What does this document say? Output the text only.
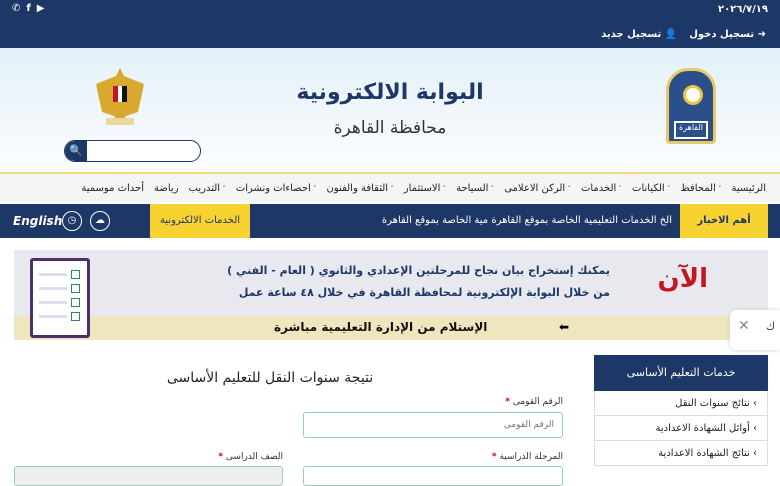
٢٠٢٦/٧/١٩
✆ f ▶
➜ تسجيل دخول
👤 تسجيل جديد
القاهرة
البوابة الالكترونية
محافظة القاهرة
🔍
الرئيسية
المحافظ ˅
الكيانات ˅
الخدمات ˅
الركن الاعلامى ˅
السياحة ˅
الاستثمار ˅
الثقافة والفنون ˅
احصاءات ونشرات ˅
التدريب ˅
رياضة
أحداث موسمية
أهم الاخبار
الخ الخدمات التعليمية الخاصة بموقع القاهرة مية الخاصة بموقع القاهرة
الخدمات الالكترونية
☁
◷
English
الآن
يمكنك إستخراج بيان نجاح للمرحلتين الإعدادي والثانوي ( العام - الفني )
من خلال البوابة الإلكترونية لمحافظة القاهرة في خلال ٤٨ ساعة عمل
⬅
الإستلام من الإدارة التعليمية مباشرة	✕ ك
خدمات التعليم الأساسى
› نتائج سنوات النقل
› أوائل الشهادة الاعدادية
› نتائج الشهادة الاعدادية
نتيجة سنوات النقل للتعليم الأساسى
الرقم القومى *
الرقم القومى
المرحلة الدراسية *
الصف الدراسى *
